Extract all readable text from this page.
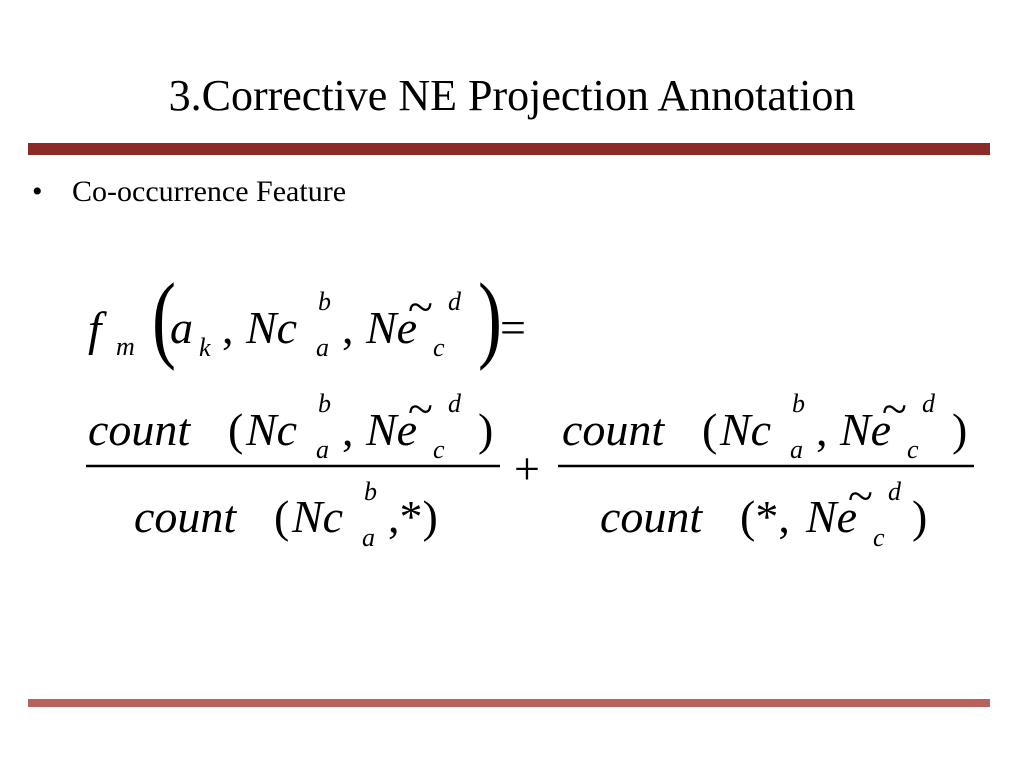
3.Corrective NE Projection Annotation
• Co-occurrence Feature
f m (
a k , Nc
b
a , Ne
~ d
c )
=
count ( Nc
b
a , Ne
~ d
c )
count ( Nc b
a ,*)
+
count ( Nc
b
a , Ne
~ d
c )
count (*, Ne
~ d
c )
